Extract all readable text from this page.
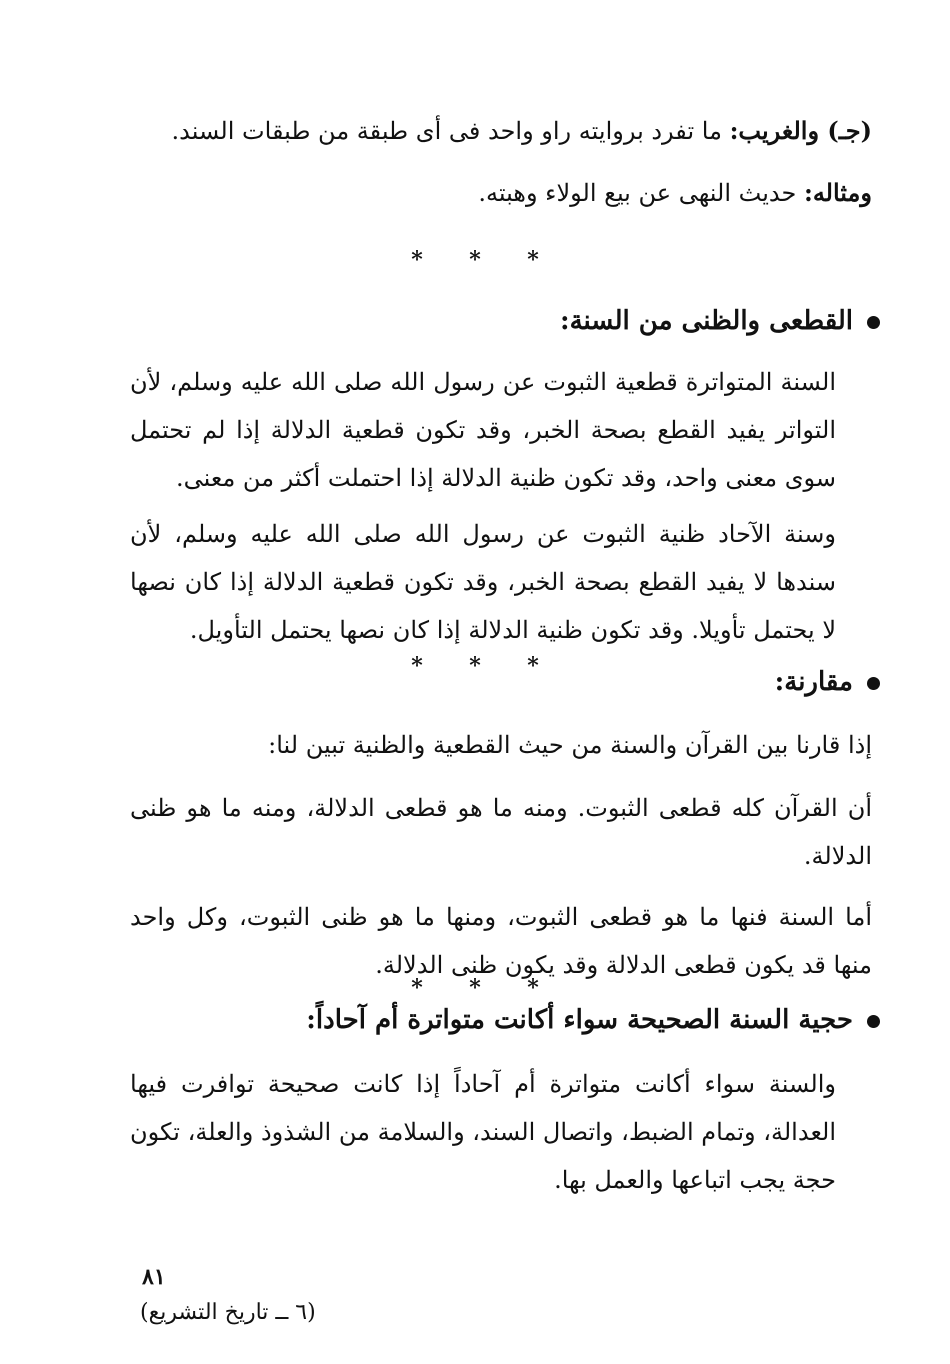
(جـ) والغريب: ما تفرد بروايته راو واحد فى أى طبقة من طبقات السند.
ومثاله: حديث النهى عن بيع الولاء وهبته.
* * *
القطعى والظنى من السنة:
السنة المتواترة قطعية الثبوت عن رسول الله صلى الله عليه وسلم، لأن التواتر يفيد القطع بصحة الخبر، وقد تكون قطعية الدلالة إذا لم تحتمل سوى معنى واحد، وقد تكون ظنية الدلالة إذا احتملت أكثر من معنى.
وسنة الآحاد ظنية الثبوت عن رسول الله صلى الله عليه وسلم، لأن سندها لا يفيد القطع بصحة الخبر، وقد تكون قطعية الدلالة إذا كان نصها لا يحتمل تأويلا. وقد تكون ظنية الدلالة إذا كان نصها يحتمل التأويل.
* * *
مقارنة:
إذا قارنا بين القرآن والسنة من حيث القطعية والظنية تبين لنا:
أن القرآن كله قطعى الثبوت. ومنه ما هو قطعى الدلالة، ومنه ما هو ظنى الدلالة.
أما السنة فنها ما هو قطعى الثبوت، ومنها ما هو ظنى الثبوت، وكل واحد منها قد يكون قطعى الدلالة وقد يكون ظنى الدلالة.
* * *
حجية السنة الصحيحة سواء أكانت متواترة أم آحاداً:
والسنة سواء أكانت متواترة أم آحاداً إذا كانت صحيحة توافرت فيها العدالة، وتمام الضبط، واتصال السند، والسلامة من الشذوذ والعلة، تكون حجة يجب اتباعها والعمل بها.
٨١
(٦ ــ تاريخ التشريع)
